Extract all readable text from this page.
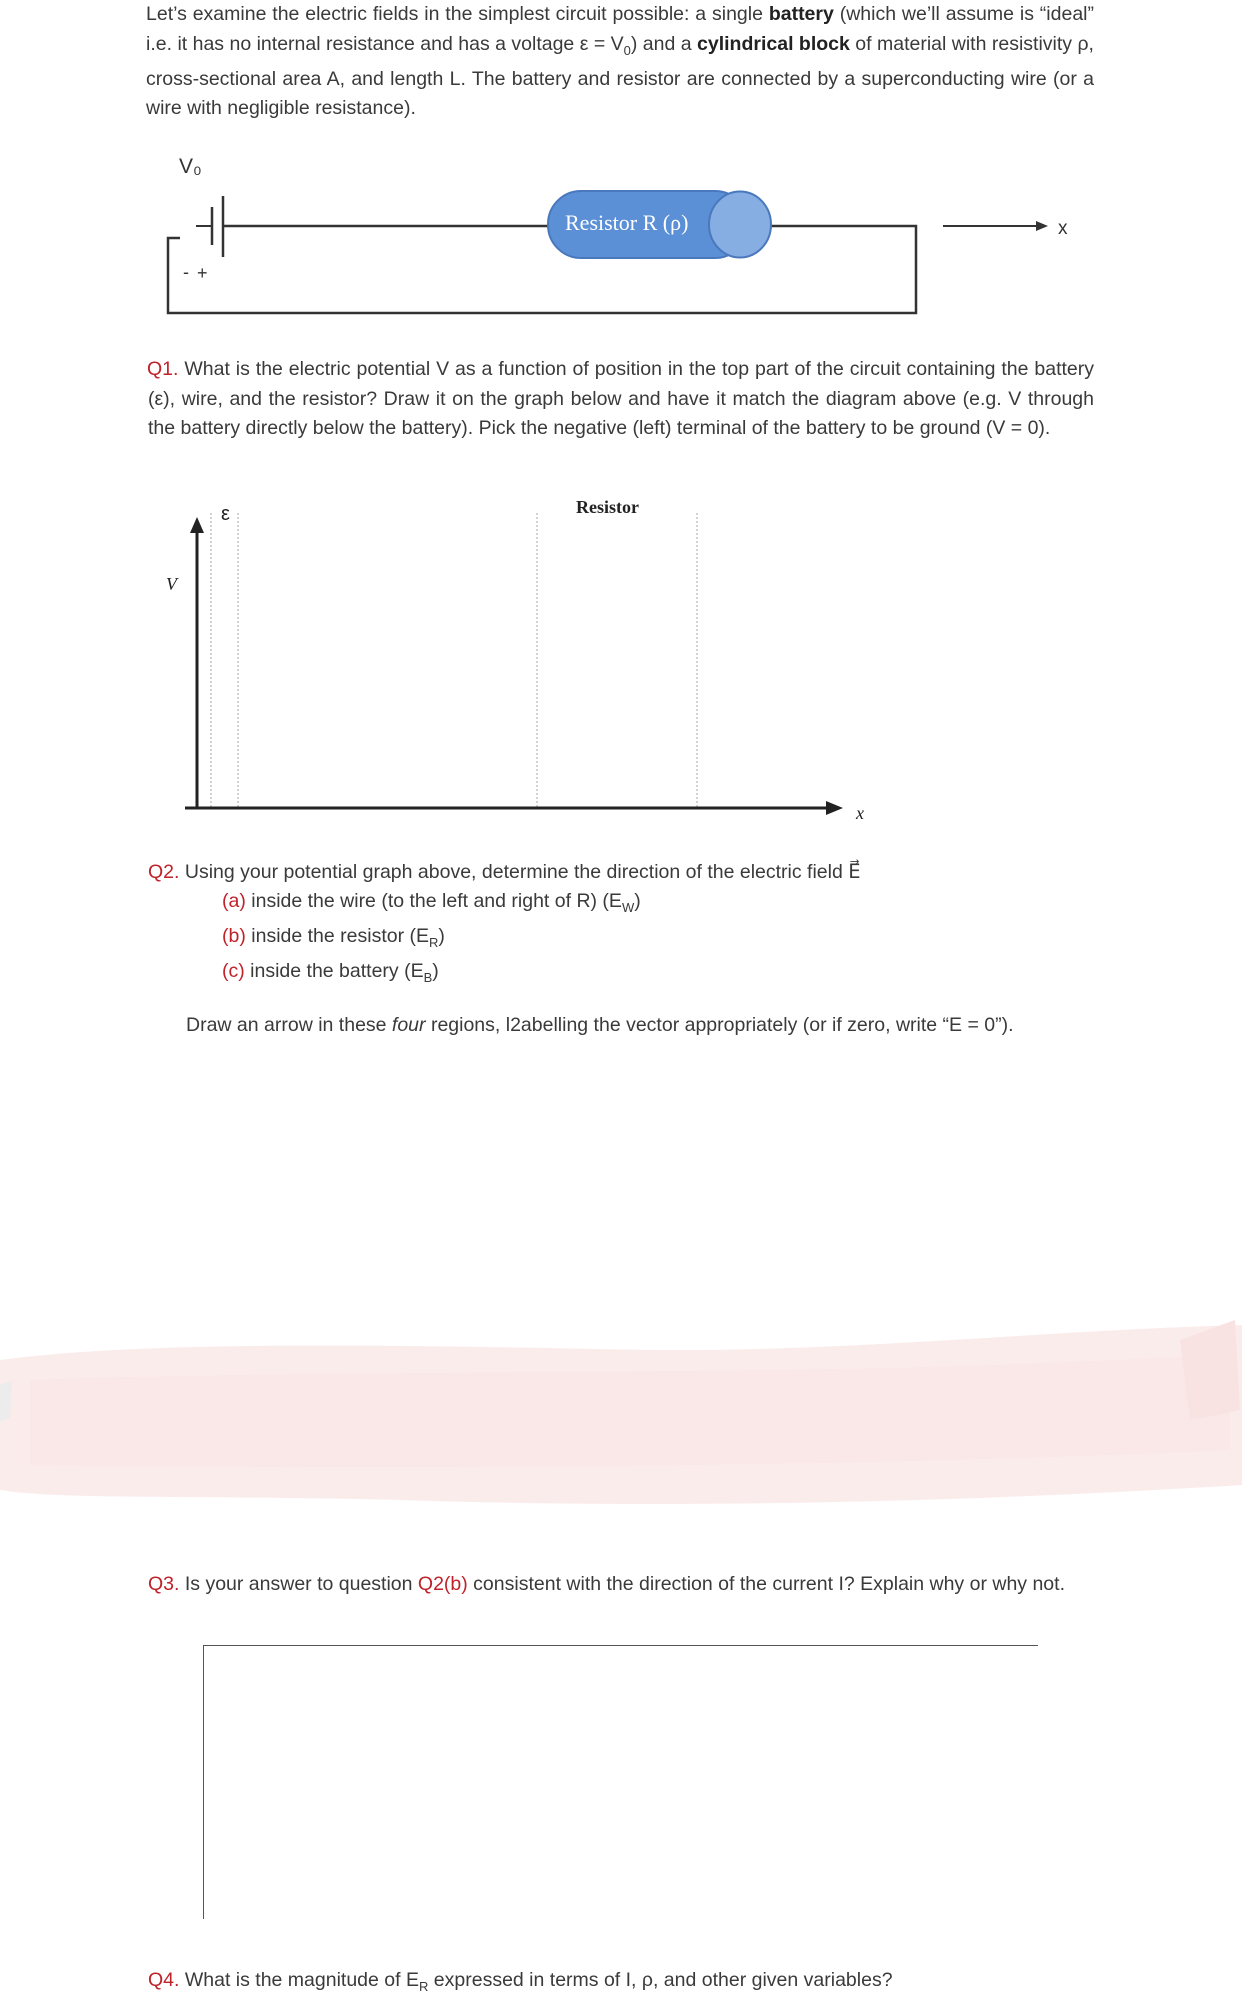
Let’s examine the electric fields in the simplest circuit possible: a single battery (which we’ll assume is “ideal” i.e. it has no internal resistance and has a voltage $\varepsilon = V_0$) and a cylindrical block of material with resistivity ρ, cross-sectional area A, and length L. The battery and resistor are connected by a superconducting wire (or a wire with negligible resistance).
V₀
- +
Resistor R (ρ)	x
Q1. What is the electric potential V as a function of position in the top part of the circuit containing the battery (ε), wire, and the resistor? Draw it on the graph below and have it match the diagram above (e.g. V through the battery directly below the battery). Pick the negative (left) terminal of the battery to be ground (V = 0).
ε	Resistor
V
x
Q2. Using your potential graph above, determine the direction of the electric field E⃗
(a) inside the wire (to the left and right of R) $(E_W)$
(b) inside the resistor $(E_R)$
(c) inside the battery $(E_B)$
Draw an arrow in these four regions, l2abelling the vector appropriately (or if zero, write “E = 0”).
Q3. Is your answer to question Q2(b) consistent with the direction of the current I? Explain why or why not.
Q4. What is the magnitude of $E_R$ expressed in terms of I, ρ, and other given variables?
